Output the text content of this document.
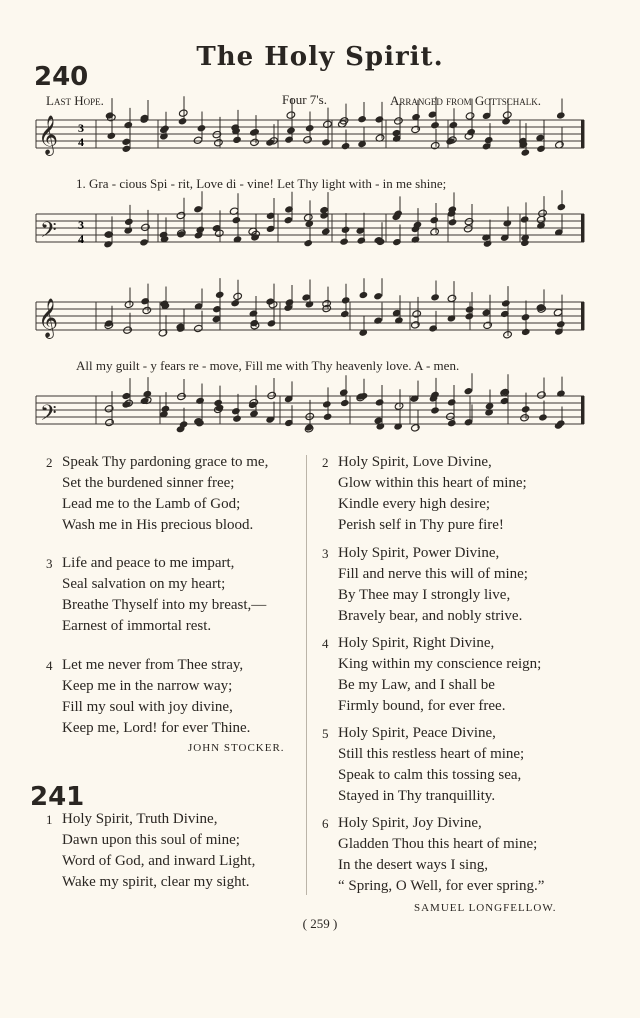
The Holy Spirit.
240
Last Hope.	Four 7's.	Arranged from Gottschalk.
𝄞
𝄢
𝄞
𝄢
3
4
3
4
1. Gra - cious Spi - rit, Love di - vine! Let Thy light with - in me shine;
All my guilt - y fears re - move, Fill me with Thy heavenly love. A - men.
2 Speak Thy pardoning grace to me,
Set the burdened sinner free;
Lead me to the Lamb of God;
Wash me in His precious blood.
3 Life and peace to me impart,
Seal salvation on my heart;
Breathe Thyself into my breast,—
Earnest of immortal rest.
4 Let me never from Thee stray,
Keep me in the narrow way;
Fill my soul with joy divine,
Keep me, Lord! for ever Thine.
JOHN STOCKER.
241
1 Holy Spirit, Truth Divine,
Dawn upon this soul of mine;
Word of God, and inward Light,
Wake my spirit, clear my sight.
2 Holy Spirit, Love Divine,
Glow within this heart of mine;
Kindle every high desire;
Perish self in Thy pure fire!
3 Holy Spirit, Power Divine,
Fill and nerve this will of mine;
By Thee may I strongly live,
Bravely bear, and nobly strive.
4 Holy Spirit, Right Divine,
King within my conscience reign;
Be my Law, and I shall be
Firmly bound, for ever free.
5 Holy Spirit, Peace Divine,
Still this restless heart of mine;
Speak to calm this tossing sea,
Stayed in Thy tranquillity.
6 Holy Spirit, Joy Divine,
Gladden Thou this heart of mine;
In the desert ways I sing,
“ Spring, O Well, for ever spring.”
SAMUEL LONGFELLOW.
( 259 )
